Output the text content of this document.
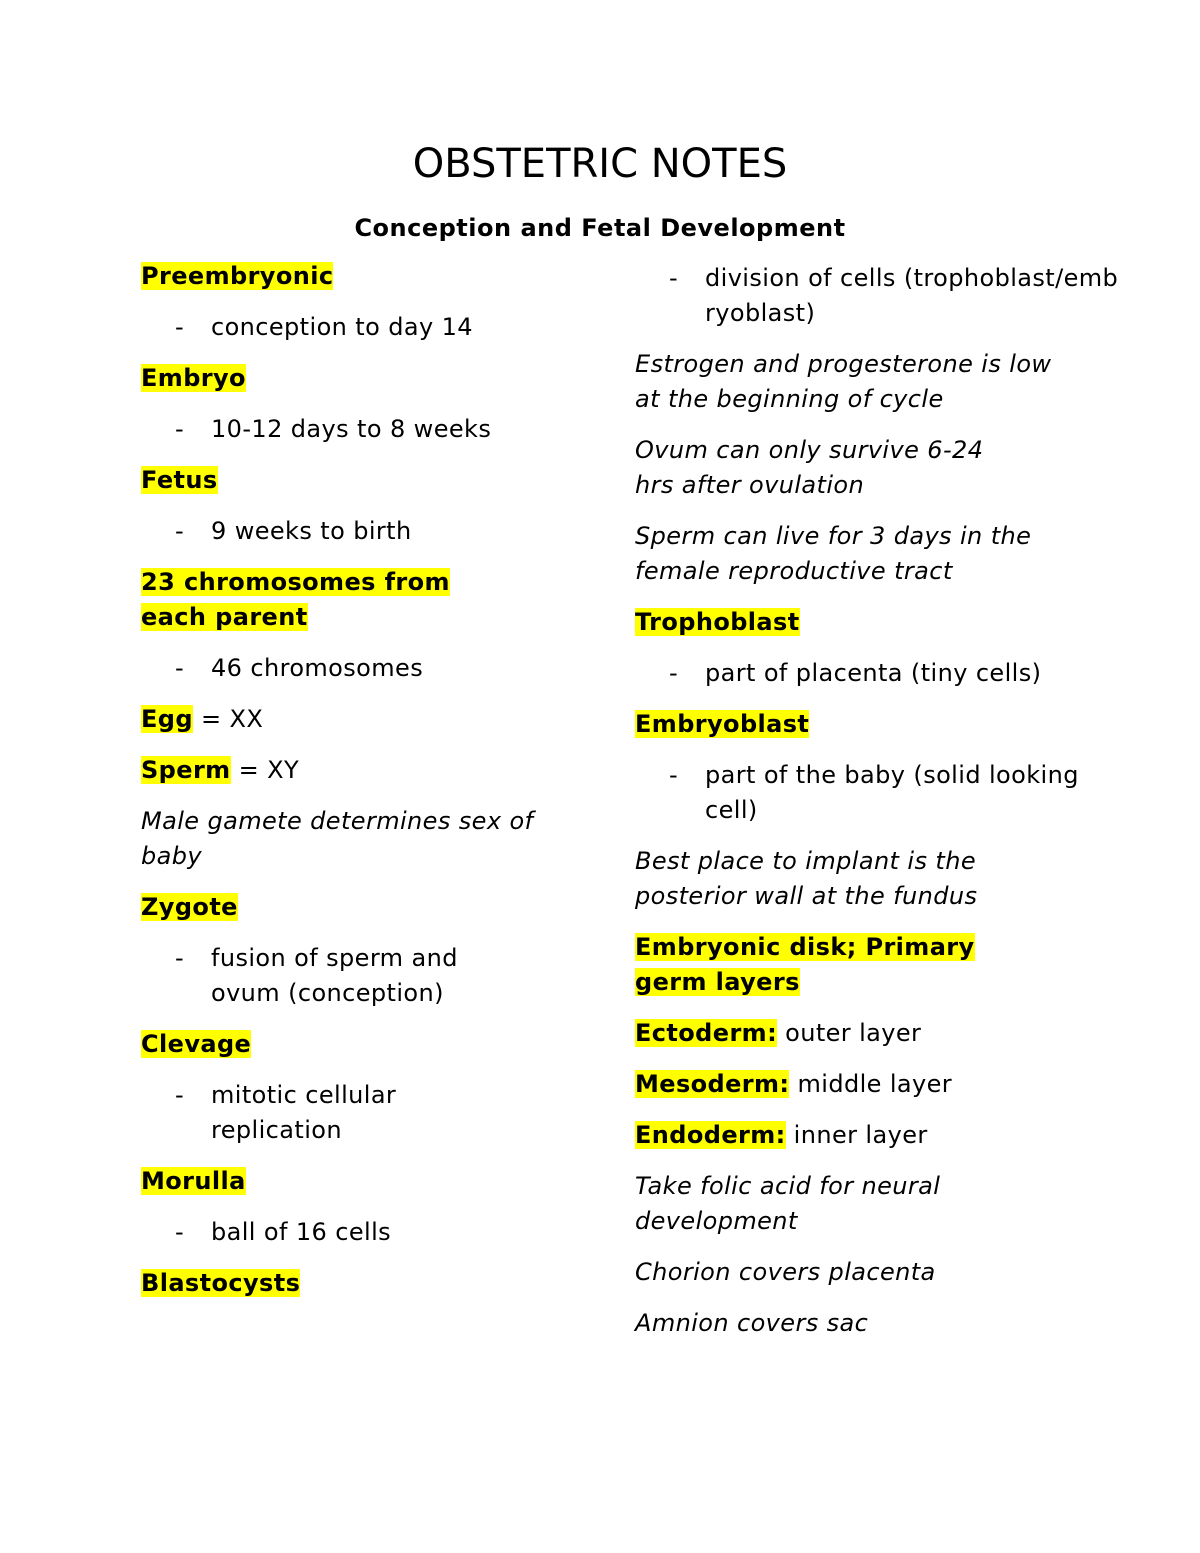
OBSTETRIC NOTES
Conception and Fetal Development
Preembryonic
- conception to day 14
Embryo
- 10-12 days to 8 weeks
Fetus
- 9 weeks to birth
23 chromosomes from
each parent
- 46 chromosomes
Egg = XX
Sperm = XY
Male gamete determines sex of baby
Zygote
- fusion of sperm and ovum (conception)
Clevage
- mitotic cellular replication
Morulla
- ball of 16 cells
Blastocysts
- division of cells (trophoblast/embryoblast)
Estrogen and progesterone is low at the beginning of cycle
Ovum can only survive 6-24hrs after ovulation
Sperm can live for 3 days in the female reproductive tract
Trophoblast
- part of placenta (tiny cells)
Embryoblast
- part of the baby (solid looking cell)
Best place to implant is the posterior wall at the fundus
Embryonic disk; Primary
germ layers
Ectoderm: outer layer
Mesoderm: middle layer
Endoderm: inner layer
Take folic acid for neural development
Chorion covers placenta
Amnion covers sac
